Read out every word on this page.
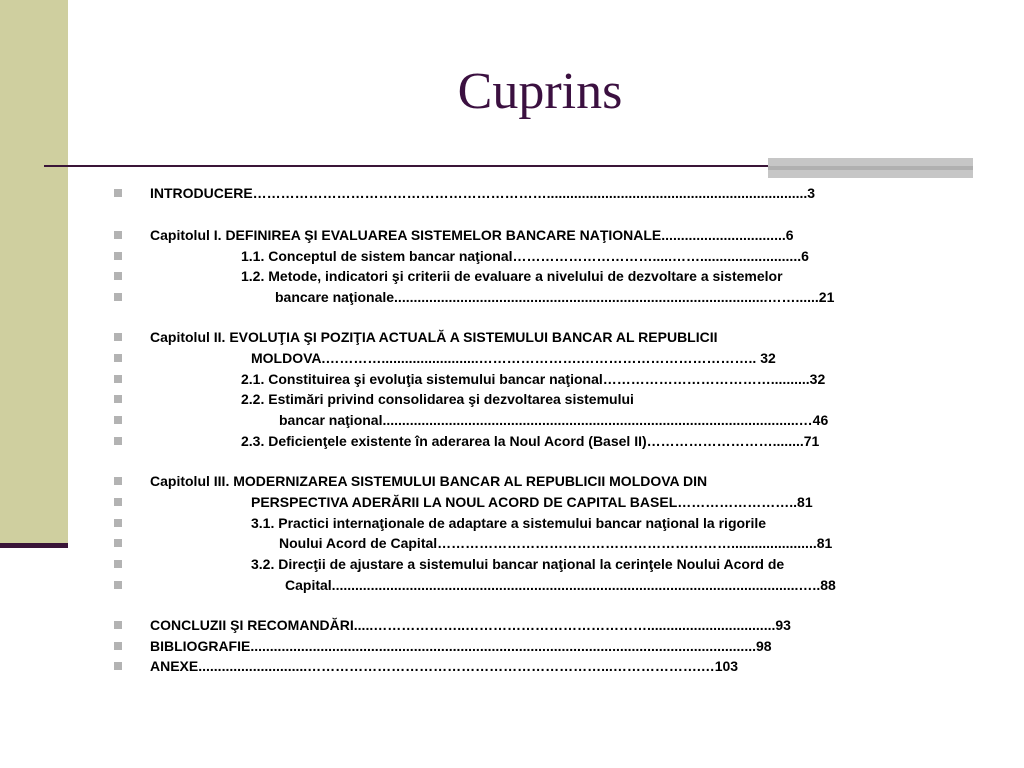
Cuprins
INTRODUCERE………………………………………………………...................................................................3
Capitolul I. DEFINIREA ŞI EVALUAREA SISTEMELOR BANCARE NAŢIONALE................................6
1.1. Conceptul de sistem bancar naţional………………………….....……..........................6
1.2. Metode, indicatori şi criterii de evaluare a nivelului de dezvoltare a sistemelor
bancare naţionale................................................................................................……......21
Capitolul II. EVOLUŢIA ŞI POZIŢIA ACTUALĂ A SISTEMULUI BANCAR AL REPUBLICII
MOLDOVA.………….........................………………….……………………………….. 32
2.1. Constituirea şi evoluţia sistemului bancar naţional………………………………..........32
2.2. Estimări privind consolidarea şi dezvoltarea sistemului
bancar naţional...........................................................................................................…46
2.3. Deficienţele existente în aderarea la Noul Acord (Basel II)………………………........71
Capitolul III. MODERNIZAREA SISTEMULUI BANCAR AL REPUBLICII MOLDOVA DIN
PERSPECTIVA ADERĂRII LA NOUL ACORD DE CAPITAL BASEL……………………..81
3.1. Practici internaţionale de adaptare a sistemului bancar naţional la rigorile
Noului Acord de Capital………………………………………………………......................81
3.2. Direcţii de ajustare a sistemului bancar naţional la cerinţele Noului Acord de
Capital........................................................................................................................…..88
CONCLUZII ŞI RECOMANDĂRI.....………………..………………………………….................................93
BIBLIOGRAFIE..................................................................................................................................98
ANEXE............................………………………………………………………...……………….…103
